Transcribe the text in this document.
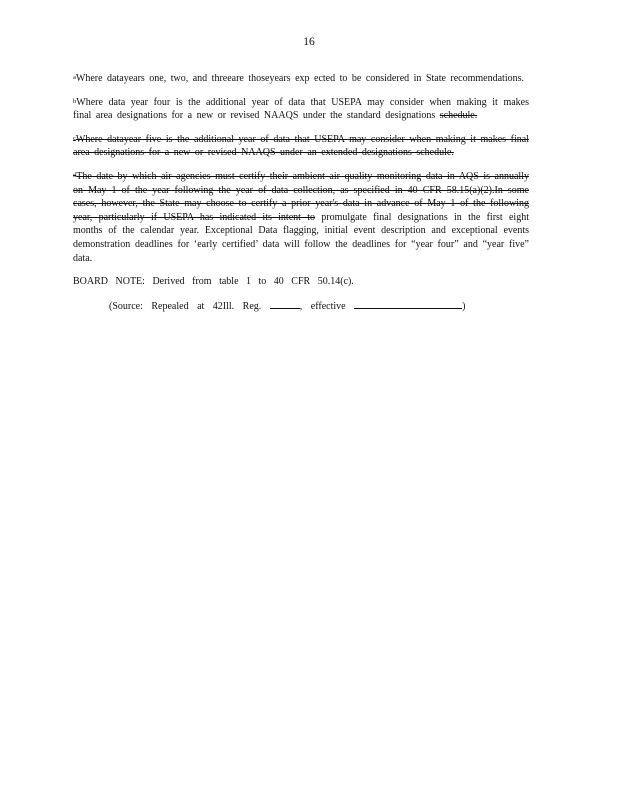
16

$^a$Where datayears one, two, and threeare thoseyears exp ected to be considered in State recommendations.

$^b$Where data year four is the additional year of data that USEPA may consider when making it makes final area designations for a new or revised NAAQS under the standard designations schedule.

$^c$Where datayear five is the additional year of data that USEPA may consider when making it makes final area designations for a new or revised NAAQS under an extended designations schedule.

$^d$The date by which air agencies must certify their ambient air quality monitoring data in AQS is annually on May 1 of the year following the year of data collection, as specified in 40 CFR 58.15(a)(2).In some cases, however, the State may choose to certify a prior year's data in advance of May 1 of the following year, particularly if USEPA has indicated its intent to promulgate final designations in the first eight months of the calendar year. Exceptional Data flagging, initial event description and exceptional events demonstration deadlines for ‘early certified’ data will follow the deadlines for “year four” and “year five” data.

BOARD NOTE: Derived from table 1 to 40 CFR 50.14(c).

(Source: Repealed at 42Ill. Reg.	, effective	)
